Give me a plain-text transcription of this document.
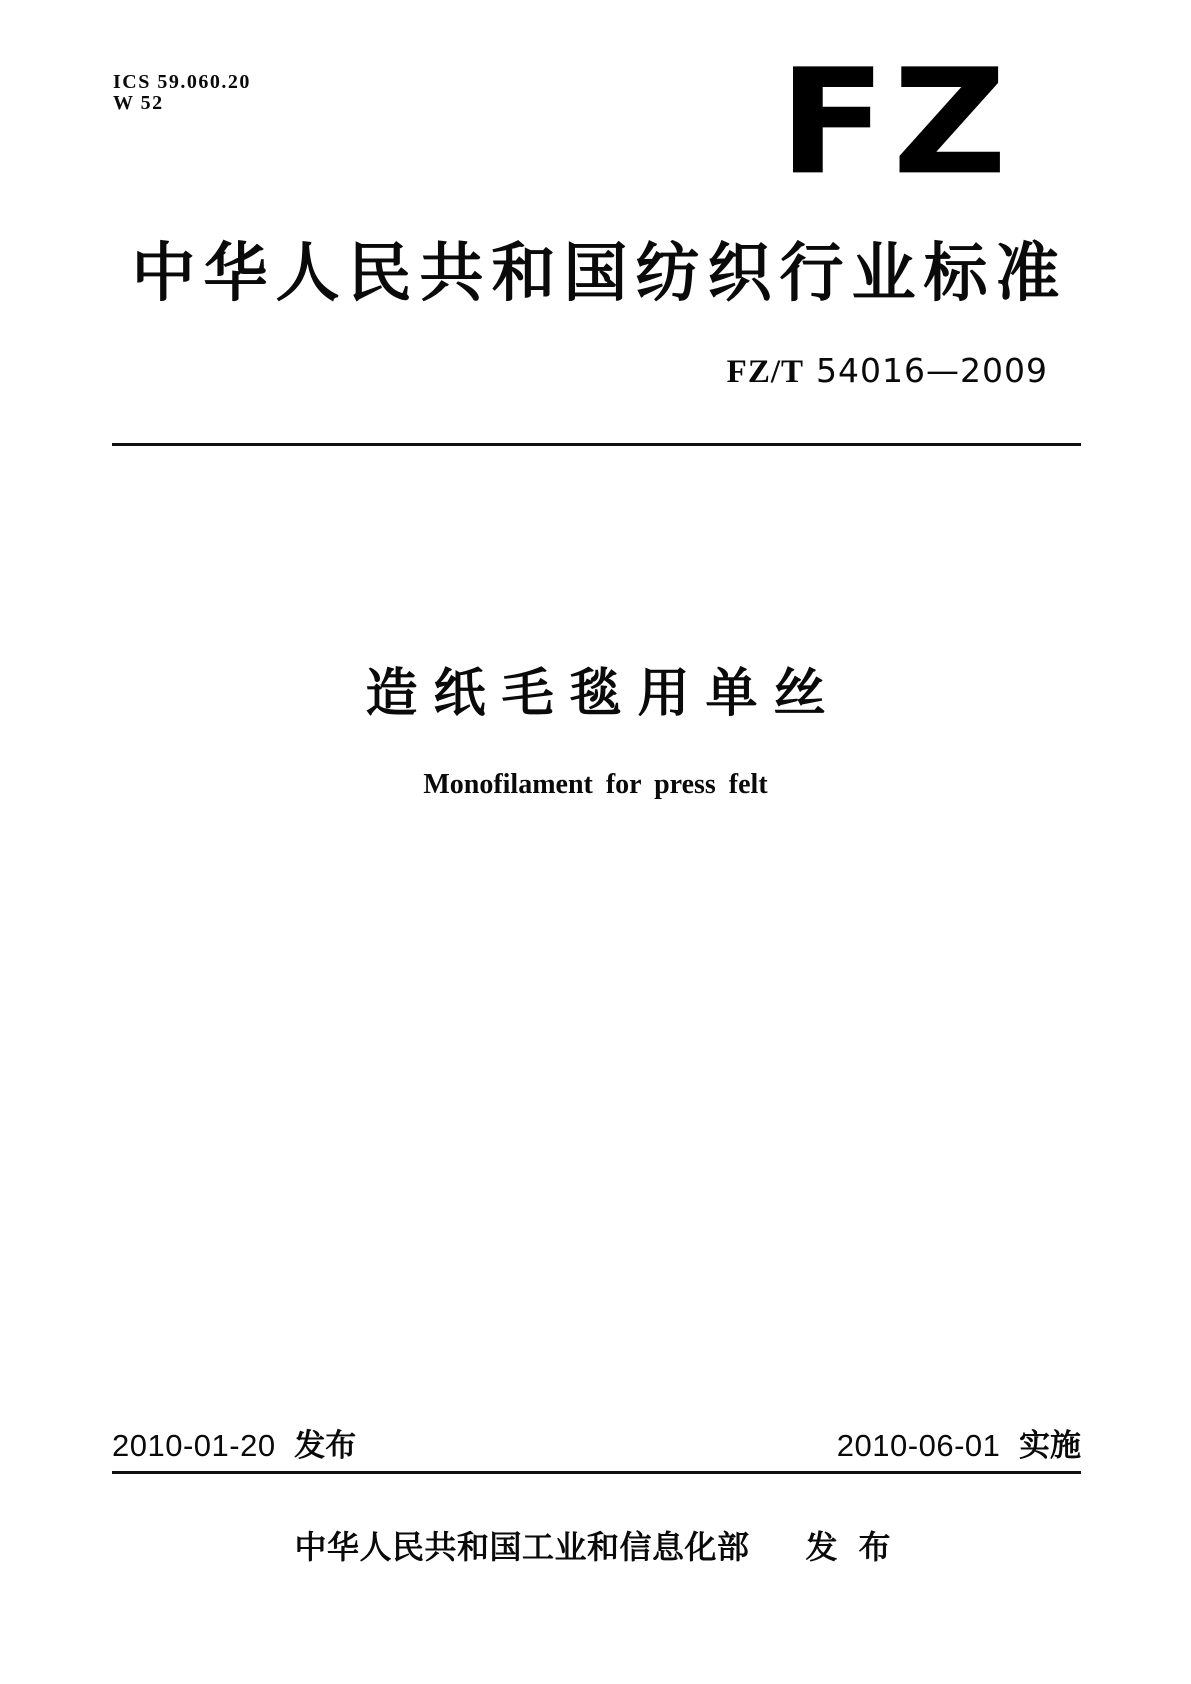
ICS 59.060.20
W 52	FZ
中华人民共和国纺织行业标准
FZ/T 54016—2009
造纸毛毯用单丝
Monofilament for press felt
2010-01-20 发布	2010-06-01 实施
中华人民共和国工业和信息化部 发 布
